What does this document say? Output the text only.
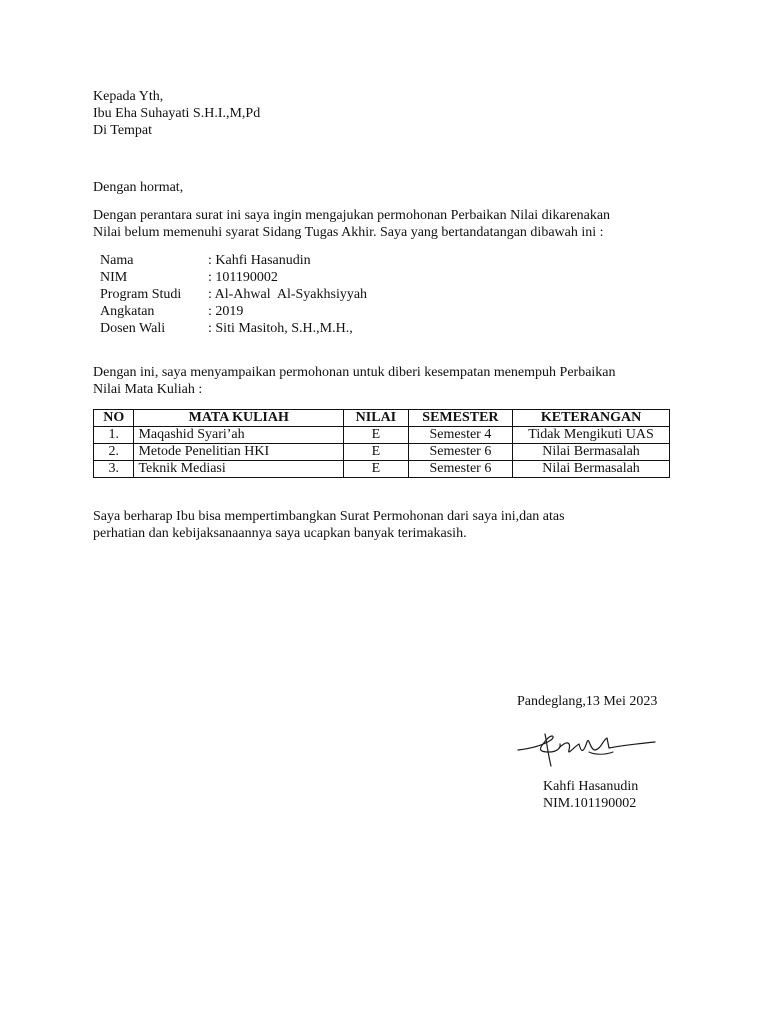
Kepada Yth,
Ibu Eha Suhayati S.H.I.,M,Pd
Di Tempat
Dengan hormat,
Dengan perantara surat ini saya ingin mengajukan permohonan Perbaikan Nilai dikarenakan
Nilai belum memenuhi syarat Sidang Tugas Akhir. Saya yang bertandatangan dibawah ini :
Nama	: Kahfi Hasanudin
NIM	: 101190002
Program Studi	: Al-Ahwal  Al-Syakhsiyyah
Angkatan	: 2019
Dosen Wali	: Siti Masitoh, S.H.,M.H.,
Dengan ini, saya menyampaikan permohonan untuk diberi kesempatan menempuh Perbaikan
Nilai Mata Kuliah :
NO	MATA KULIAH	NILAI	SEMESTER	KETERANGAN
1.	Maqashid Syari’ah	E	Semester 4	Tidak Mengikuti UAS
2.	Metode Penelitian HKI	E	Semester 6	Nilai Bermasalah
3.	Teknik Mediasi	E	Semester 6	Nilai Bermasalah
Saya berharap Ibu bisa mempertimbangkan Surat Permohonan dari saya ini,dan atas
perhatian dan kebijaksanaannya saya ucapkan banyak terimakasih.
Pandeglang,13 Mei 2023
Kahfi Hasanudin
NIM.101190002
